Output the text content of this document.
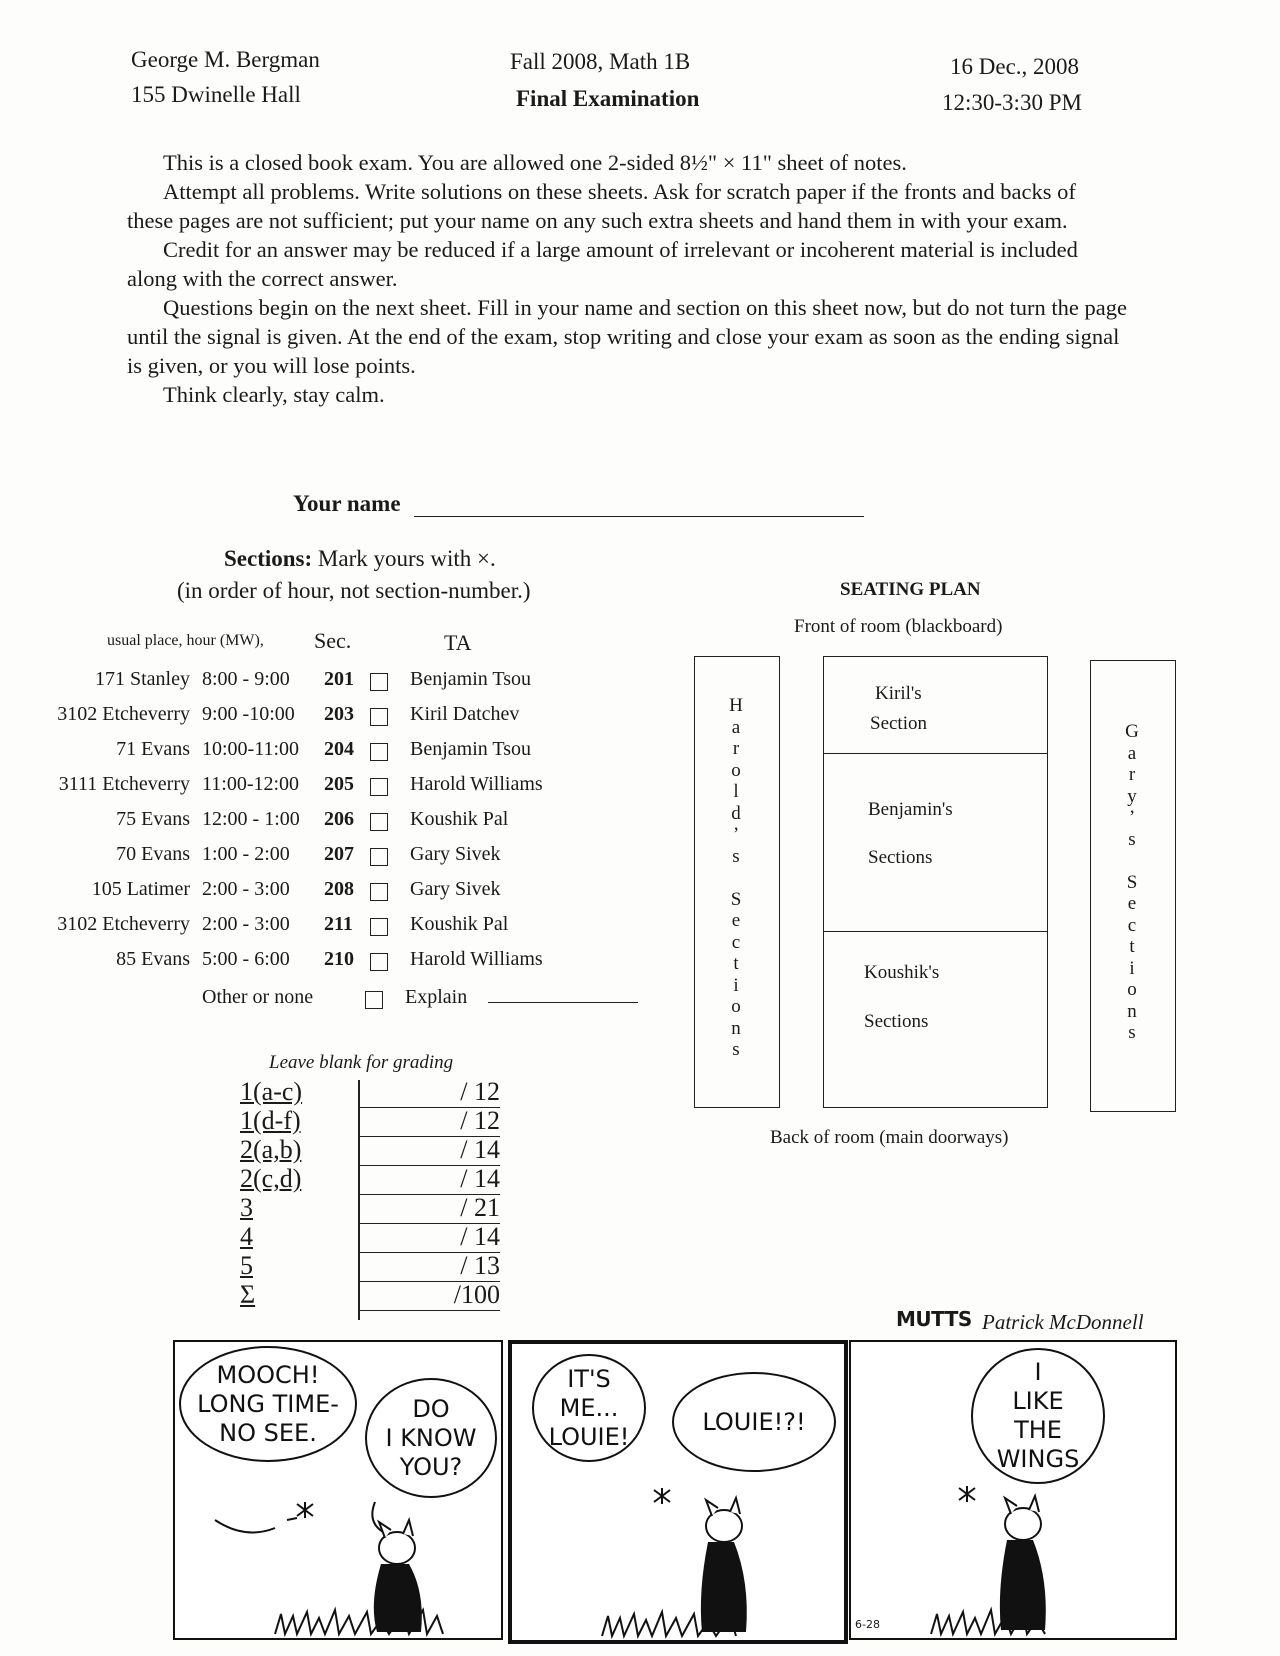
George M. Bergman
155 Dwinelle Hall
Fall 2008, Math 1B
Final Examination
16 Dec., 2008
12:30-3:30 PM

This is a closed book exam. You are allowed one 2-sided 8½" × 11" sheet of notes.

Attempt all problems. Write solutions on these sheets. Ask for scratch paper if the fronts and backs of these pages are not sufficient; put your name on any such extra sheets and hand them in with your exam.

Credit for an answer may be reduced if a large amount of irrelevant or incoherent material is included along with the correct answer.

Questions begin on the next sheet. Fill in your name and section on this sheet now, but do not turn the page until the signal is given. At the end of the exam, stop writing and close your exam as soon as the ending signal is given, or you will lose points.

Think clearly, stay calm.

Your name
Sections: Mark yours with ×.
(in order of hour, not section-number.)
usual place, hour (MW), Sec.	TA
171 Stanley 8:00 - 9:00 201	Benjamin Tsou
3102 Etcheverry 9:00 -10:00 203	Kiril Datchev
71 Evans 10:00-11:00 204	Benjamin Tsou
3111 Etcheverry 11:00-12:00 205	Harold Williams
75 Evans 12:00 - 1:00 206	Koushik Pal
70 Evans 1:00 - 2:00 207	Gary Sivek
105 Latimer 2:00 - 3:00 208	Gary Sivek
3102 Etcheverry 2:00 - 3:00 211	Koushik Pal
85 Evans 5:00 - 6:00 210	Harold Williams
Other or none	Explain
Leave blank for grading
1(a-c)	/ 12
1(d-f)	/ 12
2(a,b)	/ 14
2(c,d)	/ 14
3	/ 21
4	/ 14
5	/ 13
Σ	/100
SEATING PLAN
Front of room (blackboard)
H
a
r
o
l
d
’
s

S
e
c
t
i
o
n
s
Kiril's
Section
Benjamin's
Sections
Koushik's
Sections
G
a
r
y
’
s

S
e
c
t
i
o
n
s
Back of room (main doorways)
MUTTS Patrick McDonnell
MOOCH!
LONG TIME-
NO SEE.
DO
I KNOW
YOU?
IT'S
ME...
LOUIE!
LOUIE!?!
I
LIKE
THE
WINGS
6-28
